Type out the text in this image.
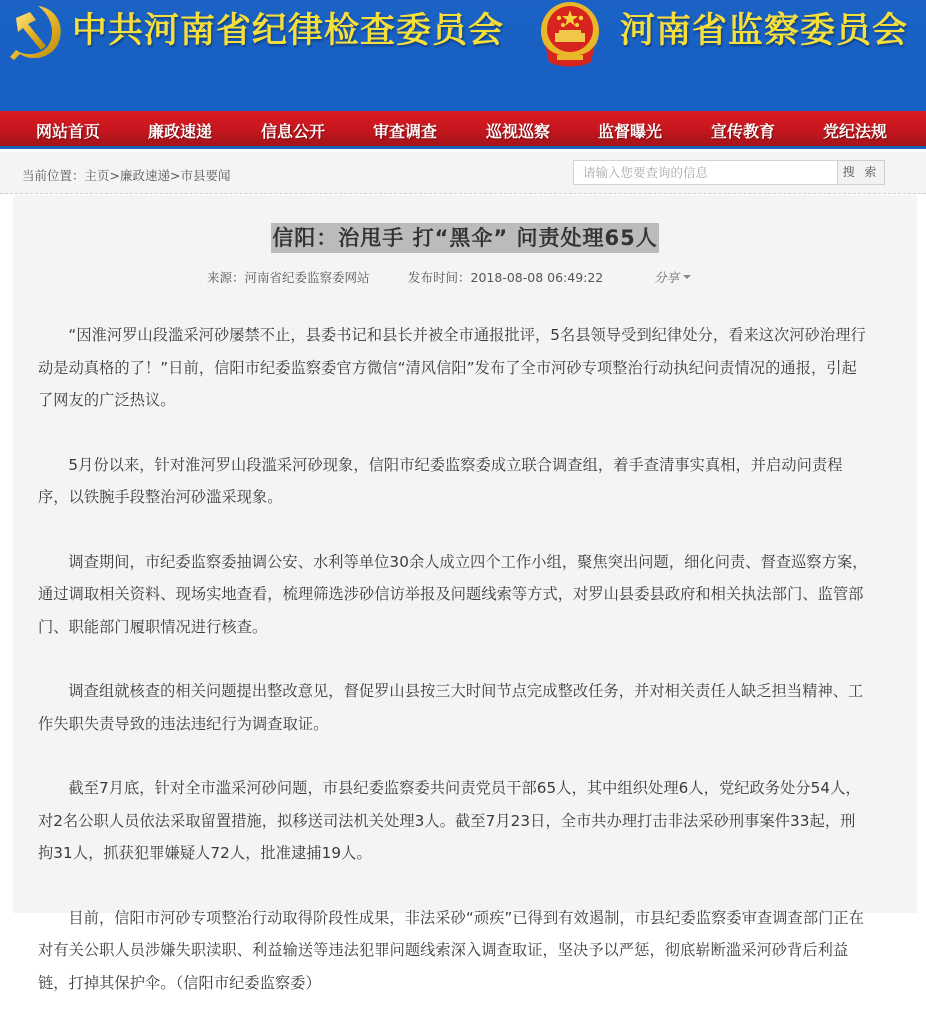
中共河南省纪律检查委员会	河南省监察委员会
网站首页	廉政速递	信息公开	审查调查	巡视巡察	监督曝光	宣传教育	党纪法规
当前位置：主页>廉政速递>市县要闻
请输入您要查询的信息	搜 索
信阳：治甩手 打“黑伞” 问责处理65人
来源：河南省纪委监察委网站	发布时间：2018-08-08 06:49:22	分享

“因淮河罗山段滥采河砂屡禁不止，县委书记和县长并被全市通报批评，5名县领导受到纪律处分，看来这次河砂治理行动是动真格的了！”日前，信阳市纪委监察委官方微信“清风信阳”发布了全市河砂专项整治行动执纪问责情况的通报，引起了网友的广泛热议。

5月份以来，针对淮河罗山段滥采河砂现象，信阳市纪委监察委成立联合调查组，着手查清事实真相，并启动问责程序，以铁腕手段整治河砂滥采现象。

调查期间，市纪委监察委抽调公安、水利等单位30余人成立四个工作小组，聚焦突出问题，细化问责、督查巡察方案，通过调取相关资料、现场实地查看，梳理筛选涉砂信访举报及问题线索等方式，对罗山县委县政府和相关执法部门、监管部门、职能部门履职情况进行核查。

调查组就核查的相关问题提出整改意见，督促罗山县按三大时间节点完成整改任务，并对相关责任人缺乏担当精神、工作失职失责导致的违法违纪行为调查取证。

截至7月底，针对全市滥采河砂问题，市县纪委监察委共问责党员干部65人，其中组织处理6人，党纪政务处分54人，对2名公职人员依法采取留置措施，拟移送司法机关处理3人。截至7月23日，全市共办理打击非法采砂刑事案件33起，刑拘31人，抓获犯罪嫌疑人72人，批准逮捕19人。

目前，信阳市河砂专项整治行动取得阶段性成果，非法采砂“顽疾”已得到有效遏制，市县纪委监察委审查调查部门正在对有关公职人员涉嫌失职渎职、利益输送等违法犯罪问题线索深入调查取证，坚决予以严惩，彻底崭断滥采河砂背后利益链，打掉其保护伞。（信阳市纪委监察委）
